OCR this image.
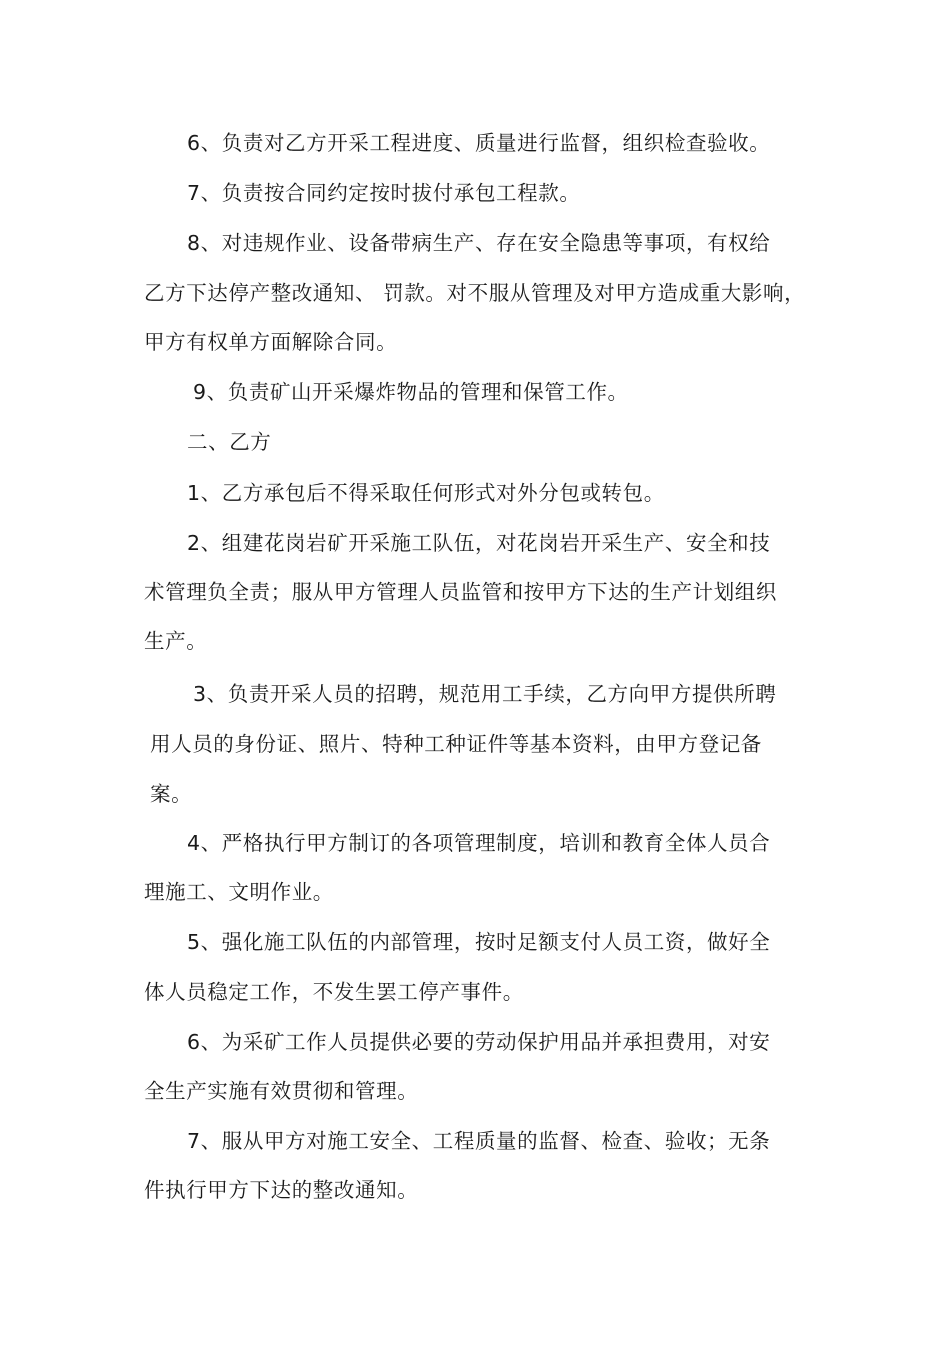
6、负责对乙方开采工程进度、质量进行监督，组织检查验收。
7、负责按合同约定按时拔付承包工程款。
8、对违规作业、设备带病生产、存在安全隐患等事项，有权给
乙方下达停产整改通知、 罚款。对不服从管理及对甲方造成重大影响，
甲方有权单方面解除合同。
9、负责矿山开采爆炸物品的管理和保管工作。
二、乙方
1、乙方承包后不得采取任何形式对外分包或转包。
2、组建花岗岩矿开采施工队伍，对花岗岩开采生产、安全和技
术管理负全责；服从甲方管理人员监管和按甲方下达的生产计划组织
生产。
3、负责开采人员的招聘，规范用工手续，乙方向甲方提供所聘
用人员的身份证、照片、特种工种证件等基本资料，由甲方登记备
案。
4、严格执行甲方制订的各项管理制度，培训和教育全体人员合
理施工、文明作业。
5、强化施工队伍的内部管理，按时足额支付人员工资，做好全
体人员稳定工作，不发生罢工停产事件。
6、为采矿工作人员提供必要的劳动保护用品并承担费用，对安
全生产实施有效贯彻和管理。
7、服从甲方对施工安全、工程质量的监督、检查、验收；无条
件执行甲方下达的整改通知。
